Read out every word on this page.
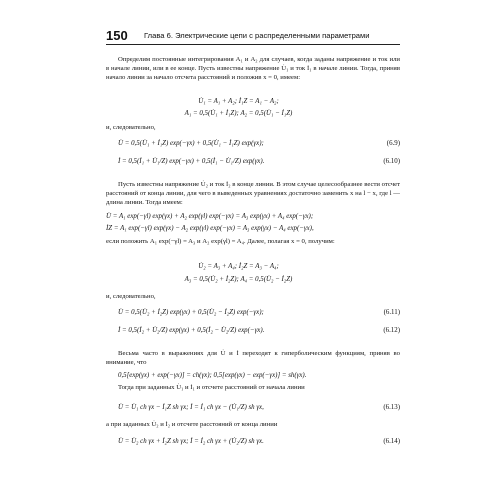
150 Глава 6. Электрические цепи с распределенными параметрами

Определим постоянные интегрирования A₁ и A₂ для случаев, когда заданы напряжение и ток или в начале линии, или в ее конце. Пусть известны напряжение U̇₁ и ток İ₁ в начале линии. Тогда, приняв начало линии за начало отсчета расстояний и положив x = 0, имеем:

U̇₁ = A₁ + A₂; İ₁Z = A₁ − A₂;
A₁ = 0,5(U̇₁ + İ₁Z); A₂ = 0,5(U̇₁ − İ₁Z)

и, следовательно,

U̇ = 0,5(U̇₁ + İ₁Z) exp(−γx) + 0,5(U̇₁ − İ₁Z) exp(γx);	(6.9)
İ = 0,5(İ₁ + U̇₁/Z) exp(−γx) + 0,5(İ₁ − U̇₁/Z) exp(γx).	(6.10)

Пусть известны напряжение U̇₂ и ток İ₂ в конце линии. В этом случае целесообразнее вести отсчет расстояний от конца линии, для чего в выведенных уравнениях достаточно заменить x на l − x, где l — длина линии. Тогда имеем:

U̇ = A₁ exp(−γl) exp(γx) + A₂ exp(γl) exp(−γx) = A₃ exp(γx) + A₄ exp(−γx);
İZ = A₁ exp(−γl) exp(γx) − A₂ exp(γl) exp(−γx) = A₃ exp(γx) − A₄ exp(−γx),

если положить A₁ exp(−γl) = A₃ и A₂ exp(γl) = A₄. Далее, полагая x = 0, получим:

U̇₂ = A₃ + A₄; İ₂Z = A₃ − A₄;
A₃ = 0,5(U̇₂ + İ₂Z); A₄ = 0,5(U̇₂ − İ₂Z)

и, следовательно,

U̇ = 0,5(U̇₂ + İ₂Z) exp(γx) + 0,5(U̇₂ − İ₂Z) exp(−γx);	(6.11)
İ = 0,5(İ₂ + U̇₂/Z) exp(γx) + 0,5(İ₂ − U̇₂/Z) exp(−γx).	(6.12)

Весьма часто в выражениях для U̇ и İ переходят к гиперболическим функциям, приняв во внимание, что

0,5[exp(γx) + exp(−γx)] = ch(γx); 0,5[exp(γx) − exp(−γx)] = sh(γx).

Тогда при заданных U̇₁ и İ₁ и отсчете расстояний от начала линии

U̇ = U̇₁ ch γx − İ₁Z sh γx; İ = İ₁ ch γx − (U̇₁/Z) sh γx,	(6.13)

а при заданных U̇₂ и İ₂ и отсчете расстояний от конца линии

U̇ = U̇₂ ch γx + İ₂Z sh γx; İ = İ₂ ch γx + (U̇₂/Z) sh γx.	(6.14)
